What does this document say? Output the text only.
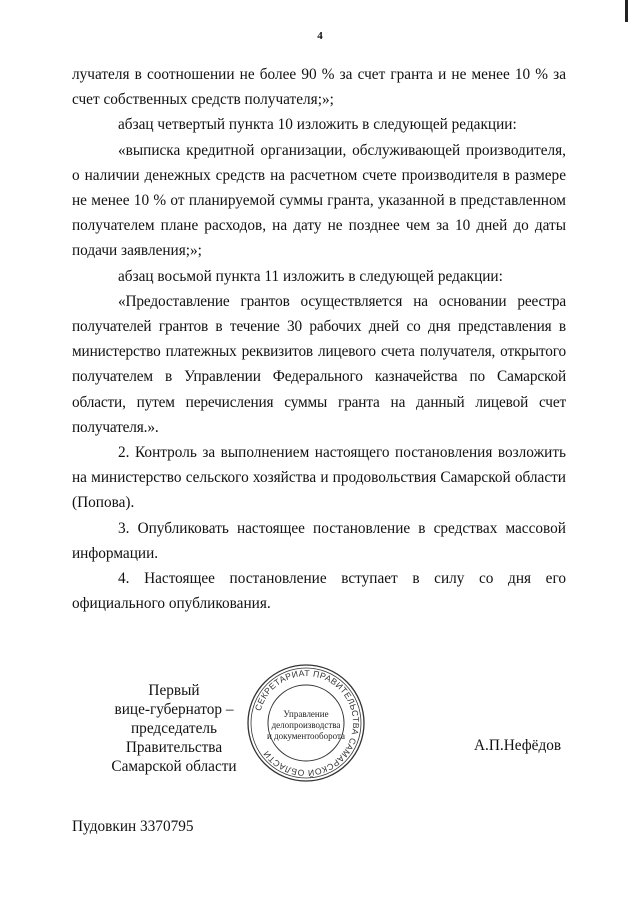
4

лучателя в соотношении не более 90 % за счет гранта и не менее 10 % за счет собственных средств получателя;»;

абзац четвертый пункта 10 изложить в следующей редакции:

«выписка кредитной организации, обслуживающей производителя, о наличии денежных средств на расчетном счете производителя в размере не менее 10 % от планируемой суммы гранта, указанной в представленном получателем плане расходов, на дату не позднее чем за 10 дней до даты подачи заявления;»;

абзац восьмой пункта 11 изложить в следующей редакции:

«Предоставление грантов осуществляется на основании реестра получателей грантов в течение 30 рабочих дней со дня представления в министерство платежных реквизитов лицевого счета получателя, открытого получателем в Управлении Федерального казначейства по Самарской области, путем перечисления суммы гранта на данный лицевой счет получателя.».

2. Контроль за выполнением настоящего постановления возложить на министерство сельского хозяйства и продовольствия Самарской области (Попова).

3. Опубликовать настоящее постановление в средствах массовой информации.

4. Настоящее постановление вступает в силу со дня его официального опубликования.

Первый
вице-губернатор –
председатель Правительства
Самарской области
СЕКРЕТАРИАТ ПРАВИТЕЛЬСТВА САМАРСКОЙ ОБЛАСТИ
Управление
делопроизводства
и документооборота
А.П.Нефёдов
Пудовкин 3370795
